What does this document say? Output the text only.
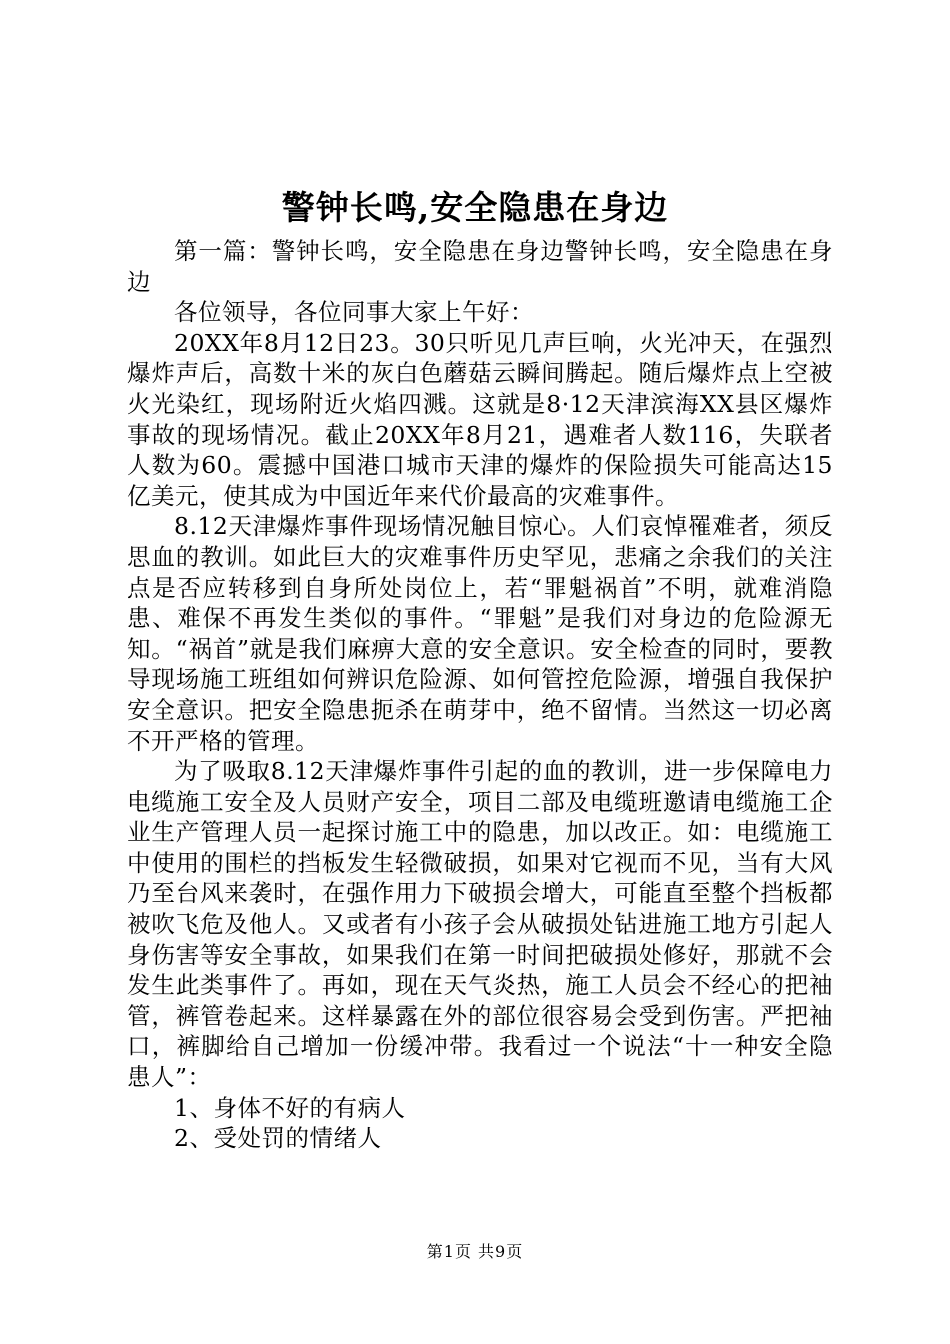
警钟长鸣,安全隐患在身边

第一篇：警钟长鸣，安全隐患在身边警钟长鸣，安全隐患在身边

各位领导，各位同事大家上午好：

20XX年8月12日23。30只听见几声巨响，火光冲天，在强烈爆炸声后，高数十米的灰白色蘑菇云瞬间腾起。随后爆炸点上空被火光染红，现场附近火焰四溅。这就是8·12天津滨海XX县区爆炸事故的现场情况。截止20XX年8月21，遇难者人数116，失联者人数为60。震撼中国港口城市天津的爆炸的保险损失可能高达15亿美元，使其成为中国近年来代价最高的灾难事件。

8.12天津爆炸事件现场情况触目惊心。人们哀悼罹难者，须反思血的教训。如此巨大的灾难事件历史罕见，悲痛之余我们的关注点是否应转移到自身所处岗位上，若“罪魁祸首”不明，就难消隐患、难保不再发生类似的事件。“罪魁”是我们对身边的危险源无知。“祸首”就是我们麻痹大意的安全意识。安全检查的同时，要教导现场施工班组如何辨识危险源、如何管控危险源，增强自我保护安全意识。把安全隐患扼杀在萌芽中，绝不留情。当然这一切必离不开严格的管理。

为了吸取8.12天津爆炸事件引起的血的教训，进一步保障电力电缆施工安全及人员财产安全，项目二部及电缆班邀请电缆施工企业生产管理人员一起探讨施工中的隐患，加以改正。如：电缆施工中使用的围栏的挡板发生轻微破损，如果对它视而不见，当有大风乃至台风来袭时，在强作用力下破损会增大，可能直至整个挡板都被吹飞危及他人。又或者有小孩子会从破损处钻进施工地方引起人身伤害等安全事故，如果我们在第一时间把破损处修好，那就不会发生此类事件了。再如，现在天气炎热，施工人员会不经心的把袖管，裤管卷起来。这样暴露在外的部位很容易会受到伤害。严把袖口，裤脚给自己增加一份缓冲带。我看过一个说法“十一种安全隐患人”：

1、身体不好的有病人

2、受处罚的情绪人

第1页 共9页
